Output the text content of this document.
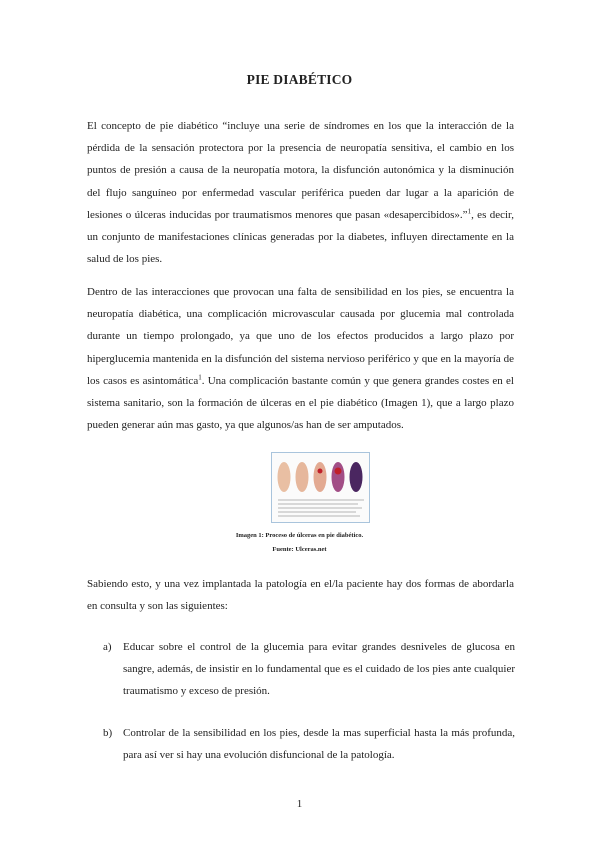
PIE DIABÉTICO

El concepto de pie diabético “incluye una serie de síndromes en los que la interacción de la pérdida de la sensación protectora por la presencia de neuropatía sensitiva, el cambio en los puntos de presión a causa de la neuropatía motora, la disfunción autonómica y la disminución del flujo sanguíneo por enfermedad vascular periférica pueden dar lugar a la aparición de lesiones o úlceras inducidas por traumatismos menores que pasan «desapercibidos».”$^1$, es decir, un conjunto de manifestaciones clínicas generadas por la diabetes, influyen directamente en la salud de los pies.

Dentro de las interacciones que provocan una falta de sensibilidad en los pies, se encuentra la neuropatía diabética, una complicación microvascular causada por glucemia mal controlada durante un tiempo prolongado, ya que uno de los efectos producidos a largo plazo por hiperglucemia mantenida en la disfunción del sistema nervioso periférico y que en la mayoría de los casos es asintomática$^1$. Una complicación bastante común y que genera grandes costes en el sistema sanitario, son la formación de úlceras en el pie diabético (Imagen 1), que a largo plazo pueden generar aún mas gasto, ya que algunos/as han de ser amputados.

Imagen 1: Proceso de úlceras en pie diabético.
Fuente: Ulceras.net

Sabiendo esto, y una vez implantada la patología en el/la paciente hay dos formas de abordarla en consulta y son las siguientes:

a) Educar sobre el control de la glucemia para evitar grandes desniveles de glucosa en sangre, además, de insistir en lo fundamental que es el cuidado de los pies ante cualquier traumatismo y exceso de presión.
b) Controlar de la sensibilidad en los pies, desde la mas superficial hasta la más profunda, para así ver si hay una evolución disfuncional de la patología.
1
